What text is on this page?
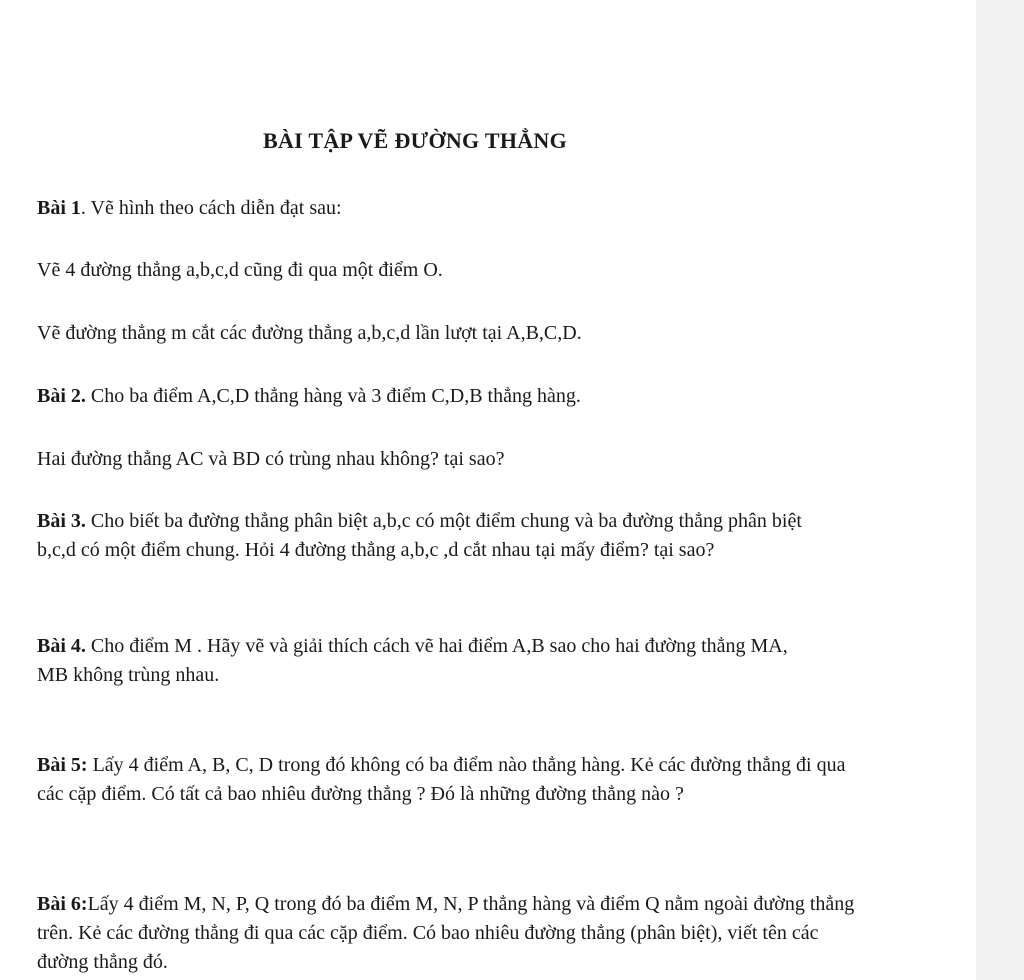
BÀI TẬP VẼ ĐƯỜNG THẲNG
Bài 1. Vẽ hình theo cách diễn đạt sau:
Vẽ 4 đường thẳng a,b,c,d cũng đi qua một điểm O.
Vẽ đường thẳng m cắt các đường thẳng a,b,c,d lần lượt tại A,B,C,D.
Bài 2. Cho ba điểm A,C,D thẳng hàng và 3 điểm C,D,B thẳng hàng.
Hai đường thẳng AC và BD có trùng nhau không? tại sao?
Bài 3. Cho biết ba đường thẳng phân biệt a,b,c có một điểm chung và ba đường thẳng phân biệt b,c,d có một điểm chung. Hỏi 4 đường thẳng a,b,c ,d cắt nhau tại mấy điểm? tại sao?
Bài 4. Cho điểm M . Hãy vẽ và giải thích cách vẽ hai điểm A,B sao cho hai đường thẳng MA, MB không trùng nhau.
Bài 5: Lấy 4 điểm A, B, C, D trong đó không có ba điểm nào thẳng hàng. Kẻ các đường thẳng đi qua các cặp điểm. Có tất cả bao nhiêu đường thẳng ? Đó là những đường thẳng nào ?
Bài 6:Lấy 4 điểm M, N, P, Q trong đó ba điểm M, N, P thẳng hàng và điểm Q nằm ngoài đường thẳng trên. Kẻ các đường thẳng đi qua các cặp điểm. Có bao nhiêu đường thẳng (phân biệt), viết tên các đường thẳng đó.
